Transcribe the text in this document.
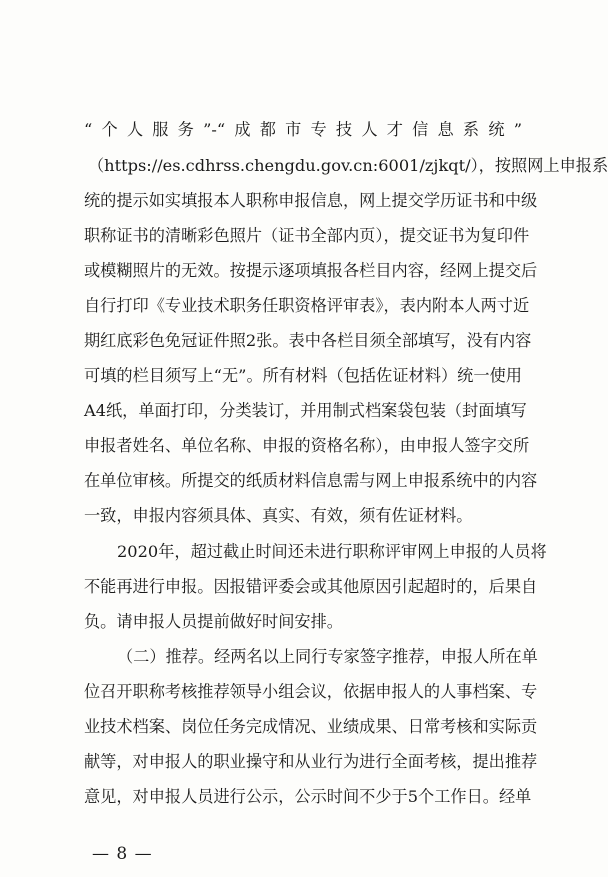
“个人服务”-“成都市专技人才信息系统”
（https://es.cdhrss.chengdu.gov.cn:6001/zjkqt/），按照网上申报系
统的提示如实填报本人职称申报信息，网上提交学历证书和中级
职称证书的清晰彩色照片（证书全部内页），提交证书为复印件
或模糊照片的无效。按提示逐项填报各栏目内容，经网上提交后
自行打印《专业技术职务任职资格评审表》，表内附本人两寸近
期红底彩色免冠证件照2张。表中各栏目须全部填写，没有内容
可填的栏目须写上“无”。所有材料（包括佐证材料）统一使用
A4纸，单面打印，分类装订，并用制式档案袋包装（封面填写
申报者姓名、单位名称、申报的资格名称），由申报人签字交所
在单位审核。所提交的纸质材料信息需与网上申报系统中的内容
一致，申报内容须具体、真实、有效，须有佐证材料。
2020年，超过截止时间还未进行职称评审网上申报的人员将
不能再进行申报。因报错评委会或其他原因引起超时的，后果自
负。请申报人员提前做好时间安排。
（二）推荐。经两名以上同行专家签字推荐，申报人所在单
位召开职称考核推荐领导小组会议，依据申报人的人事档案、专
业技术档案、岗位任务完成情况、业绩成果、日常考核和实际贡
献等，对申报人的职业操守和从业行为进行全面考核，提出推荐
意见，对申报人员进行公示，公示时间不少于5个工作日。经单
— 8 —
